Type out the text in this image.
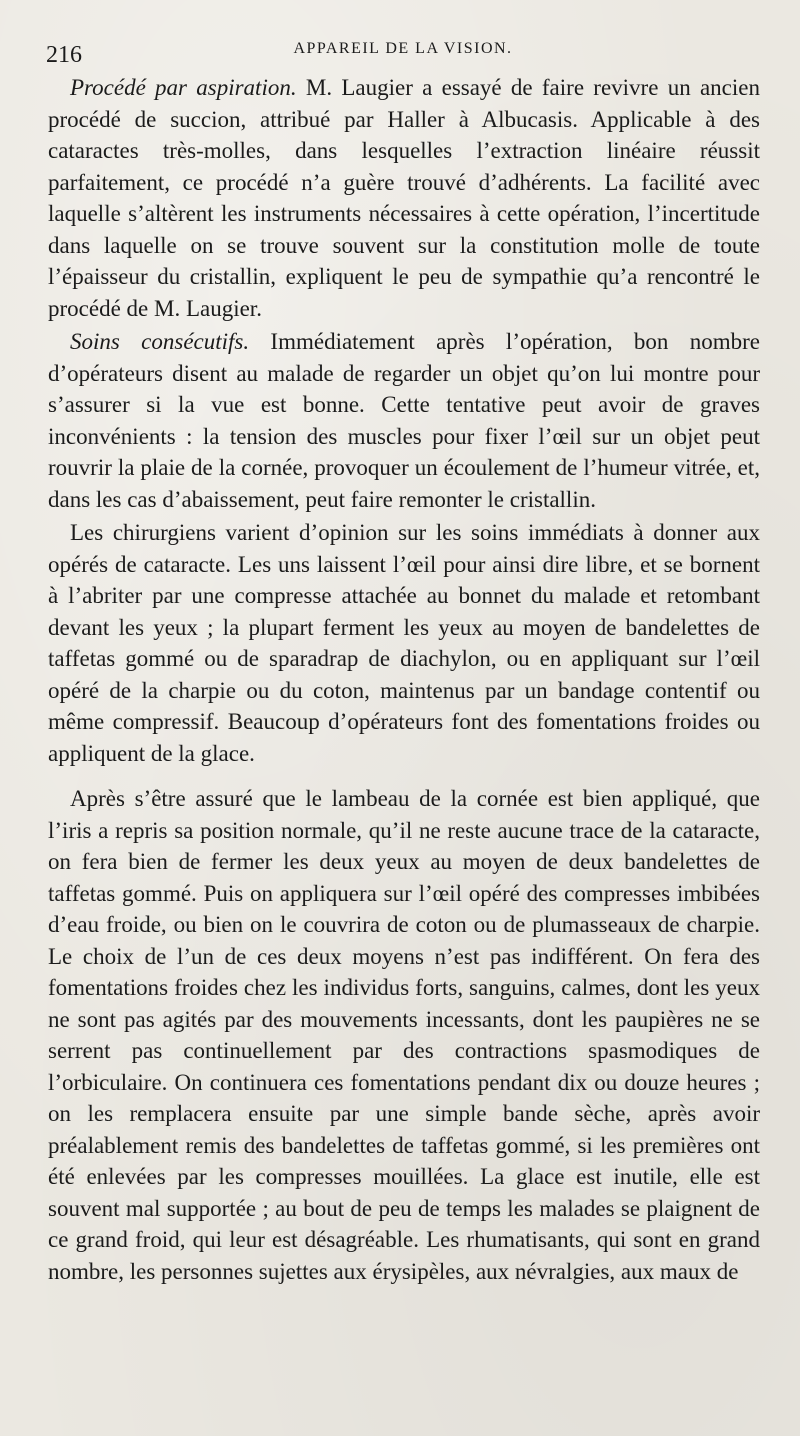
216	APPAREIL DE LA VISION.

Procédé par aspiration. M. Laugier a essayé de faire revivre un ancien procédé de succion, attribué par Haller à Albucasis. Applicable à des cataractes très-molles, dans lesquelles l’extraction linéaire réussit parfaitement, ce procédé n’a guère trouvé d’adhérents. La facilité avec laquelle s’altèrent les instruments nécessaires à cette opération, l’incertitude dans laquelle on se trouve souvent sur la constitution molle de toute l’épaisseur du cristallin, expliquent le peu de sympathie qu’a rencontré le procédé de M. Laugier.

Soins consécutifs. Immédiatement après l’opération, bon nombre d’opérateurs disent au malade de regarder un objet qu’on lui montre pour s’assurer si la vue est bonne. Cette tentative peut avoir de graves inconvénients : la tension des muscles pour fixer l’œil sur un objet peut rouvrir la plaie de la cornée, provoquer un écoulement de l’humeur vitrée, et, dans les cas d’abaissement, peut faire remonter le cristallin.

Les chirurgiens varient d’opinion sur les soins immédiats à donner aux opérés de cataracte. Les uns laissent l’œil pour ainsi dire libre, et se bornent à l’abriter par une compresse attachée au bonnet du malade et retombant devant les yeux ; la plupart ferment les yeux au moyen de bandelettes de taffetas gommé ou de sparadrap de diachylon, ou en appliquant sur l’œil opéré de la charpie ou du coton, maintenus par un bandage contentif ou même compressif. Beaucoup d’opérateurs font des fomentations froides ou appliquent de la glace.

Après s’être assuré que le lambeau de la cornée est bien appliqué, que l’iris a repris sa position normale, qu’il ne reste aucune trace de la cataracte, on fera bien de fermer les deux yeux au moyen de deux bandelettes de taffetas gommé. Puis on appliquera sur l’œil opéré des compresses imbibées d’eau froide, ou bien on le couvrira de coton ou de plumasseaux de charpie. Le choix de l’un de ces deux moyens n’est pas indifférent. On fera des fomentations froides chez les individus forts, sanguins, calmes, dont les yeux ne sont pas agités par des mouvements incessants, dont les paupières ne se serrent pas continuellement par des contractions spasmodiques de l’orbiculaire. On continuera ces fomentations pendant dix ou douze heures ; on les remplacera ensuite par une simple bande sèche, après avoir préalablement remis des bandelettes de taffetas gommé, si les premières ont été enlevées par les compresses mouillées. La glace est inutile, elle est souvent mal supportée ; au bout de peu de temps les malades se plaignent de ce grand froid, qui leur est désagréable. Les rhumatisants, qui sont en grand nombre, les personnes sujettes aux érysipèles, aux névralgies, aux maux de
